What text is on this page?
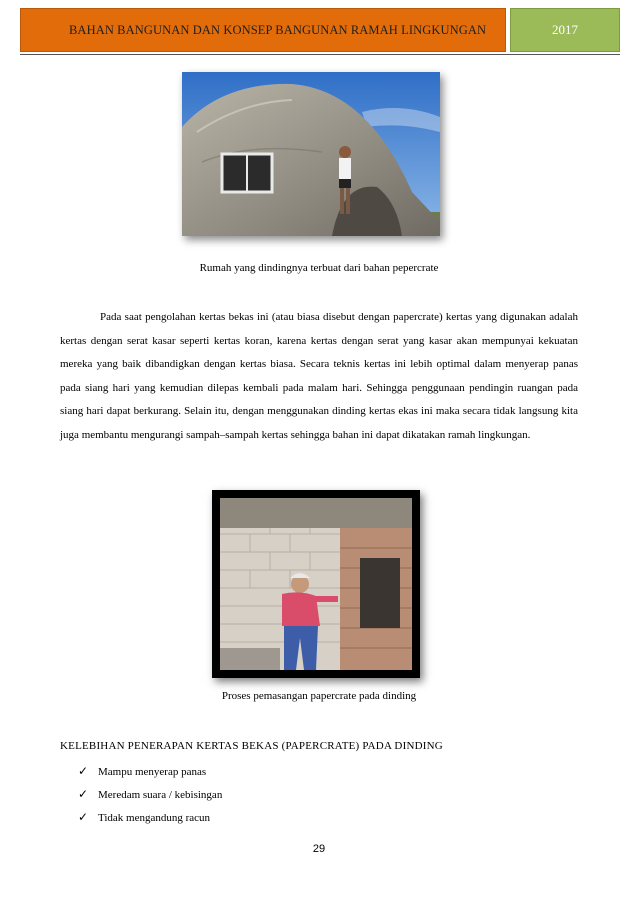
BAHAN BANGUNAN DAN KONSEP BANGUNAN RAMAH LINGKUNGAN	2017
Rumah yang dindingnya terbuat dari bahan pepercrate

Pada saat pengolahan kertas bekas ini (atau biasa disebut dengan papercrate) kertas yang digunakan adalah kertas dengan serat kasar seperti kertas koran, karena kertas dengan serat yang kasar akan mempunyai kekuatan mereka yang baik dibandigkan dengan kertas biasa. Secara teknis kertas ini lebih optimal dalam menyerap panas pada siang hari yang kemudian dilepas kembali pada malam hari. Sehingga penggunaan pendingin ruangan pada siang hari dapat berkurang. Selain itu, dengan menggunakan dinding kertas ekas ini maka secara tidak langsung kita juga membantu mengurangi sampah–sampah kertas sehingga bahan ini dapat dikatakan ramah lingkungan.

Proses pemasangan papercrate pada dinding
KELEBIHAN PENERAPAN KERTAS BEKAS (PAPERCRATE) PADA DINDING
✓ Mampu menyerap panas
✓ Meredam suara / kebisingan
✓ Tidak mengandung racun
29
